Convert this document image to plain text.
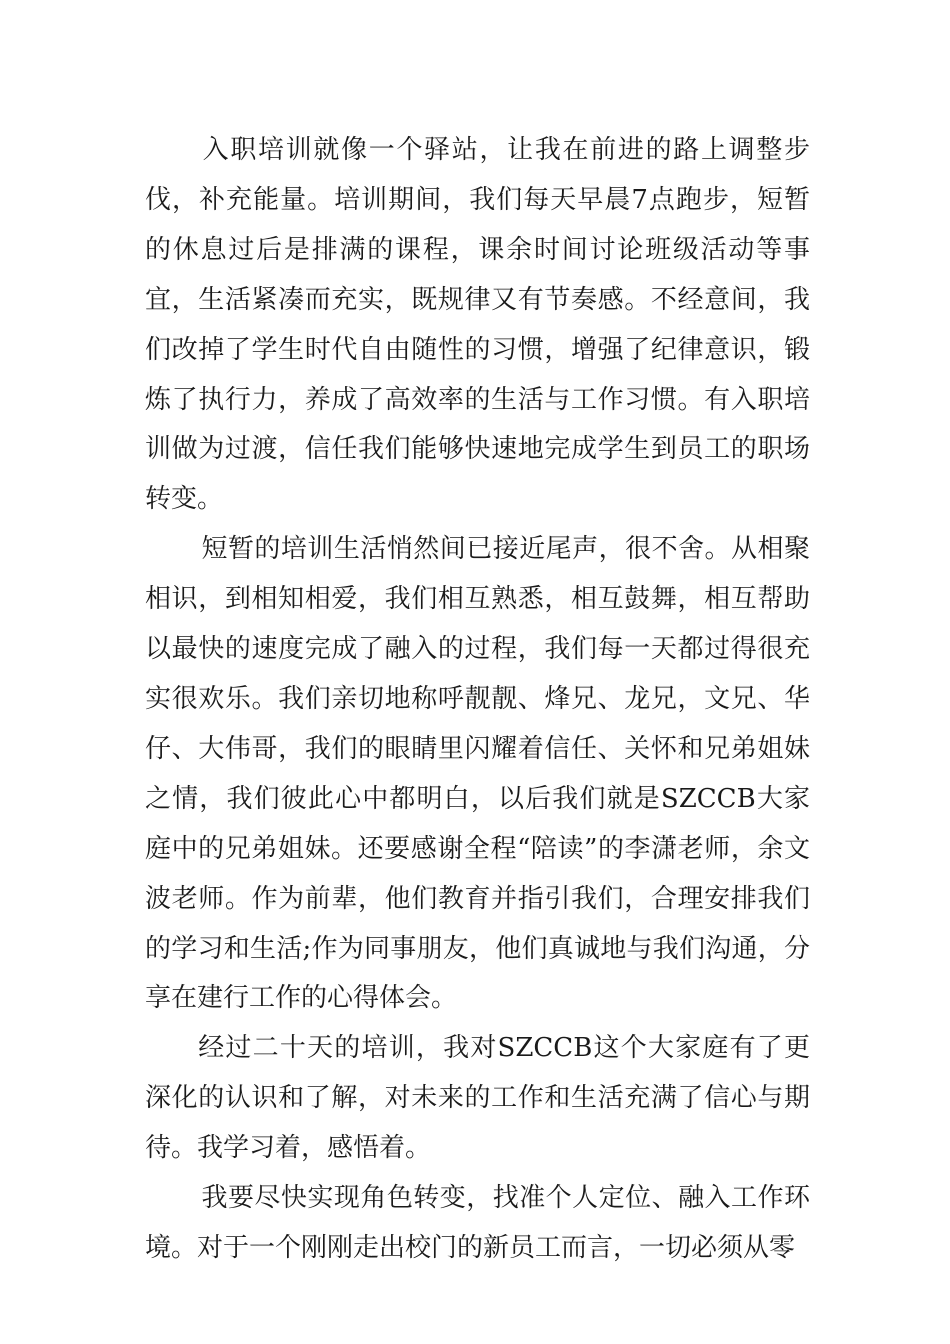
入职培训就像一个驿站，让我在前进的路上调整步伐，补充能量。培训期间，我们每天早晨7点跑步，短暂的休息过后是排满的课程，课余时间讨论班级活动等事宜，生活紧凑而充实，既规律又有节奏感。不经意间，我们改掉了学生时代自由随性的习惯，增强了纪律意识，锻炼了执行力，养成了高效率的生活与工作习惯。有入职培训做为过渡，信任我们能够快速地完成学生到员工的职场转变。

短暂的培训生活悄然间已接近尾声，很不舍。从相聚相识，到相知相爱，我们相互熟悉，相互鼓舞，相互帮助以最快的速度完成了融入的过程，我们每一天都过得很充实很欢乐。我们亲切地称呼靓靓、烽兄、龙兄，文兄、华仔、大伟哥，我们的眼睛里闪耀着信任、关怀和兄弟姐妹之情，我们彼此心中都明白，以后我们就是SZCCB大家庭中的兄弟姐妹。还要感谢全程“陪读”的李潇老师，余文波老师。作为前辈，他们教育并指引我们，合理安排我们的学习和生活;作为同事朋友，他们真诚地与我们沟通，分享在建行工作的心得体会。

经过二十天的培训，我对SZCCB这个大家庭有了更深化的认识和了解，对未来的工作和生活充满了信心与期待。我学习着，感悟着。

我要尽快实现角色转变，找准个人定位、融入工作环境。对于一个刚刚走出校门的新员工而言，一切必须从零
